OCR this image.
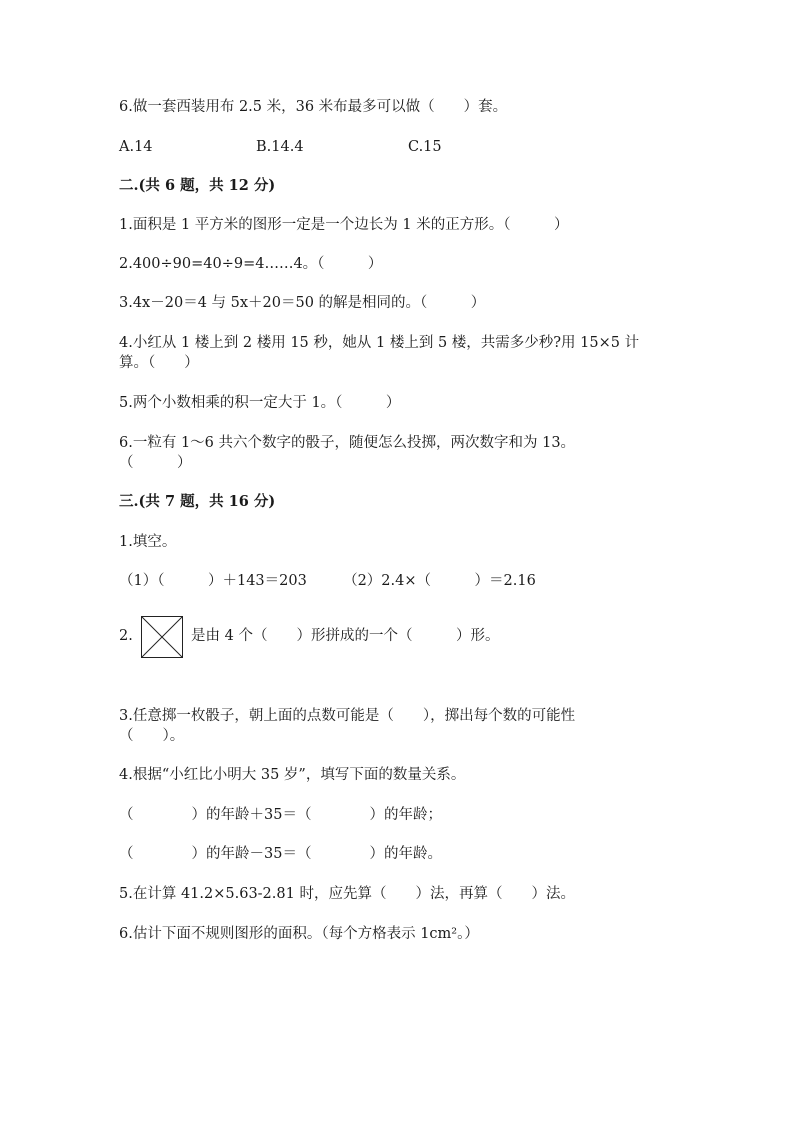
6.做一套西装用布 2.5 米，36 米布最多可以做（　　）套。
A.14	B.14.4	C.15
二.(共 6 题，共 12 分)
1.面积是 1 平方米的图形一定是一个边长为 1 米的正方形。（　　　）
2.400÷90=40÷9=4……4。（　　　）
3.4x－20＝4 与 5x＋20＝50 的解是相同的。（　　　）
4.小红从 1 楼上到 2 楼用 15 秒，她从 1 楼上到 5 楼，共需多少秒?用 15×5 计
算。（　　）
5.两个小数相乘的积一定大于 1。（　　　）
6.一粒有 1～6 共六个数字的骰子，随便怎么投掷，两次数字和为 13。
（　　　）
三.(共 7 题，共 16 分)
1.填空。
（1）（　　　）＋143＝203　　　（2）2.4×（　　　）＝2.16
2.	是由 4 个（　　）形拼成的一个（　　　）形。
3.任意掷一枚骰子，朝上面的点数可能是（　　），掷出每个数的可能性
（　　）。
4.根据“小红比小明大 35 岁”，填写下面的数量关系。
（　　　　）的年龄＋35＝（　　　　）的年龄；
（　　　　）的年龄－35＝（　　　　）的年龄。
5.在计算 41.2×5.63-2.81 时，应先算（　　）法，再算（　　）法。
6.估计下面不规则图形的面积。（每个方格表示 1cm²。）
